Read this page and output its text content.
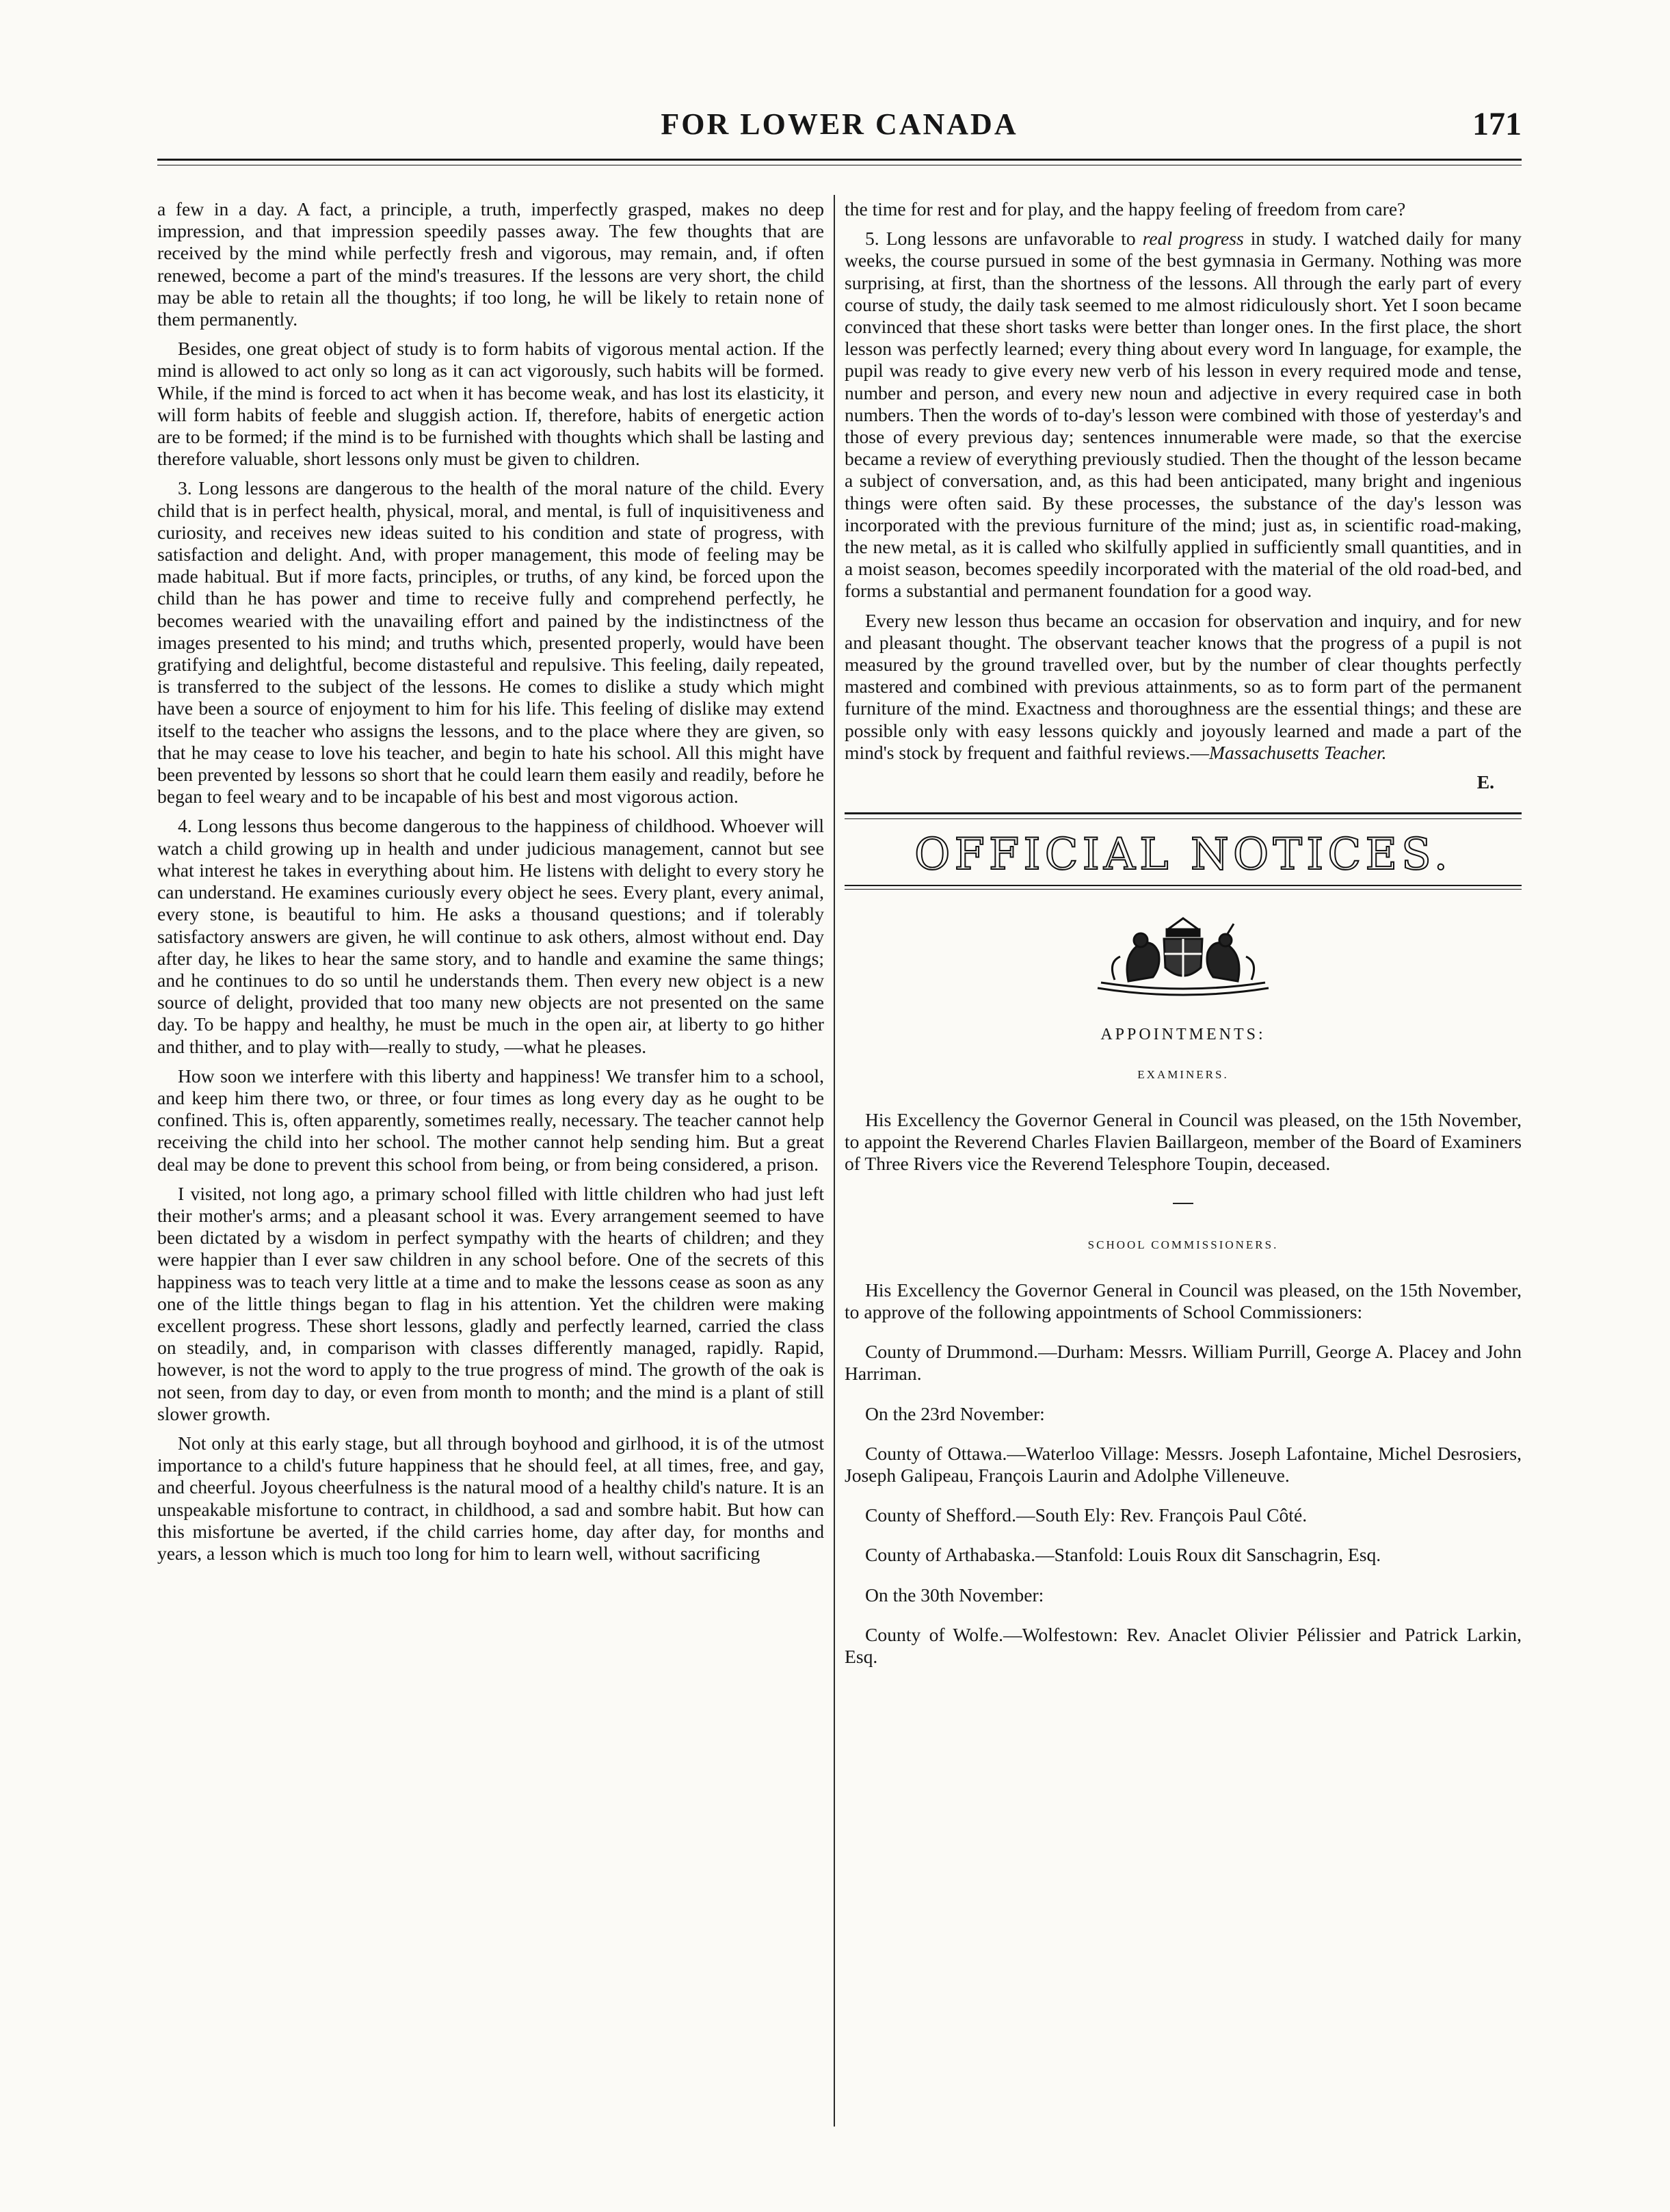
FOR LOWER CANADA	171

a few in a day. A fact, a principle, a truth, imperfectly grasped, makes no deep impression, and that impression speedily passes away. The few thoughts that are received by the mind while perfectly fresh and vigorous, may remain, and, if often renewed, become a part of the mind's treasures. If the lessons are very short, the child may be able to retain all the thoughts; if too long, he will be likely to retain none of them permanently.

Besides, one great object of study is to form habits of vigorous mental action. If the mind is allowed to act only so long as it can act vigorously, such habits will be formed. While, if the mind is forced to act when it has become weak, and has lost its elasticity, it will form habits of feeble and sluggish action. If, therefore, habits of energetic action are to be formed; if the mind is to be furnished with thoughts which shall be lasting and therefore valuable, short lessons only must be given to children.

3. Long lessons are dangerous to the health of the moral nature of the child. Every child that is in perfect health, physical, moral, and mental, is full of inquisitiveness and curiosity, and receives new ideas suited to his condition and state of progress, with satisfaction and delight. And, with proper management, this mode of feeling may be made habitual. But if more facts, principles, or truths, of any kind, be forced upon the child than he has power and time to receive fully and comprehend perfectly, he becomes wearied with the unavailing effort and pained by the indistinctness of the images presented to his mind; and truths which, presented properly, would have been gratifying and delightful, become distasteful and repulsive. This feeling, daily repeated, is transferred to the subject of the lessons. He comes to dislike a study which might have been a source of enjoyment to him for his life. This feeling of dislike may extend itself to the teacher who assigns the lessons, and to the place where they are given, so that he may cease to love his teacher, and begin to hate his school. All this might have been prevented by lessons so short that he could learn them easily and readily, before he began to feel weary and to be incapable of his best and most vigorous action.

4. Long lessons thus become dangerous to the happiness of childhood. Whoever will watch a child growing up in health and under judicious management, cannot but see what interest he takes in everything about him. He listens with delight to every story he can understand. He examines curiously every object he sees. Every plant, every animal, every stone, is beautiful to him. He asks a thousand questions; and if tolerably satisfactory answers are given, he will continue to ask others, almost without end. Day after day, he likes to hear the same story, and to handle and examine the same things; and he continues to do so until he understands them. Then every new object is a new source of delight, provided that too many new objects are not presented on the same day. To be happy and healthy, he must be much in the open air, at liberty to go hither and thither, and to play with—really to study, —what he pleases.

How soon we interfere with this liberty and happiness! We transfer him to a school, and keep him there two, or three, or four times as long every day as he ought to be confined. This is, often apparently, sometimes really, necessary. The teacher cannot help receiving the child into her school. The mother cannot help sending him. But a great deal may be done to prevent this school from being, or from being considered, a prison.

I visited, not long ago, a primary school filled with little children who had just left their mother's arms; and a pleasant school it was. Every arrangement seemed to have been dictated by a wisdom in perfect sympathy with the hearts of children; and they were happier than I ever saw children in any school before. One of the secrets of this happiness was to teach very little at a time and to make the lessons cease as soon as any one of the little things began to flag in his attention. Yet the children were making excellent progress. These short lessons, gladly and perfectly learned, carried the class on steadily, and, in comparison with classes differently managed, rapidly. Rapid, however, is not the word to apply to the true progress of mind. The growth of the oak is not seen, from day to day, or even from month to month; and the mind is a plant of still slower growth.

Not only at this early stage, but all through boyhood and girlhood, it is of the utmost importance to a child's future happiness that he should feel, at all times, free, and gay, and cheerful. Joyous cheerfulness is the natural mood of a healthy child's nature. It is an unspeakable misfortune to contract, in childhood, a sad and sombre habit. But how can this misfortune be averted, if the child carries home, day after day, for months and years, a lesson which is much too long for him to learn well, without sacrificing

the time for rest and for play, and the happy feeling of freedom from care?

5. Long lessons are unfavorable to real progress in study. I watched daily for many weeks, the course pursued in some of the best gymnasia in Germany. Nothing was more surprising, at first, than the shortness of the lessons. All through the early part of every course of study, the daily task seemed to me almost ridiculously short. Yet I soon became convinced that these short tasks were better than longer ones. In the first place, the short lesson was perfectly learned; every thing about every word In language, for example, the pupil was ready to give every new verb of his lesson in every required mode and tense, number and person, and every new noun and adjective in every required case in both numbers. Then the words of to-day's lesson were combined with those of yesterday's and those of every previous day; sentences innumerable were made, so that the exercise became a review of everything previously studied. Then the thought of the lesson became a subject of conversation, and, as this had been anticipated, many bright and ingenious things were often said. By these processes, the substance of the day's lesson was incorporated with the previous furniture of the mind; just as, in scientific road-making, the new metal, as it is called who skilfully applied in sufficiently small quantities, and in a moist season, becomes speedily incorporated with the material of the old road-bed, and forms a substantial and permanent foundation for a good way.

Every new lesson thus became an occasion for observation and inquiry, and for new and pleasant thought. The observant teacher knows that the progress of a pupil is not measured by the ground travelled over, but by the number of clear thoughts perfectly mastered and combined with previous attainments, so as to form part of the permanent furniture of the mind. Exactness and thoroughness are the essential things; and these are possible only with easy lessons quickly and joyously learned and made a part of the mind's stock by frequent and faithful reviews.—Massachusetts Teacher.

E.
OFFICIAL NOTICES.
APPOINTMENTS:
EXAMINERS.

His Excellency the Governor General in Council was pleased, on the 15th November, to appoint the Reverend Charles Flavien Baillargeon, member of the Board of Examiners of Three Rivers vice the Reverend Telesphore Toupin, deceased.

SCHOOL COMMISSIONERS.

His Excellency the Governor General in Council was pleased, on the 15th November, to approve of the following appointments of School Commissioners:

County of Drummond.—Durham: Messrs. William Purrill, George A. Placey and John Harriman.

On the 23rd November:

County of Ottawa.—Waterloo Village: Messrs. Joseph Lafontaine, Michel Desrosiers, Joseph Galipeau, François Laurin and Adolphe Villeneuve.

County of Shefford.—South Ely: Rev. François Paul Côté.

County of Arthabaska.—Stanfold: Louis Roux dit Sanschagrin, Esq.

On the 30th November:

County of Wolfe.—Wolfestown: Rev. Anaclet Olivier Pélissier and Patrick Larkin, Esq.
